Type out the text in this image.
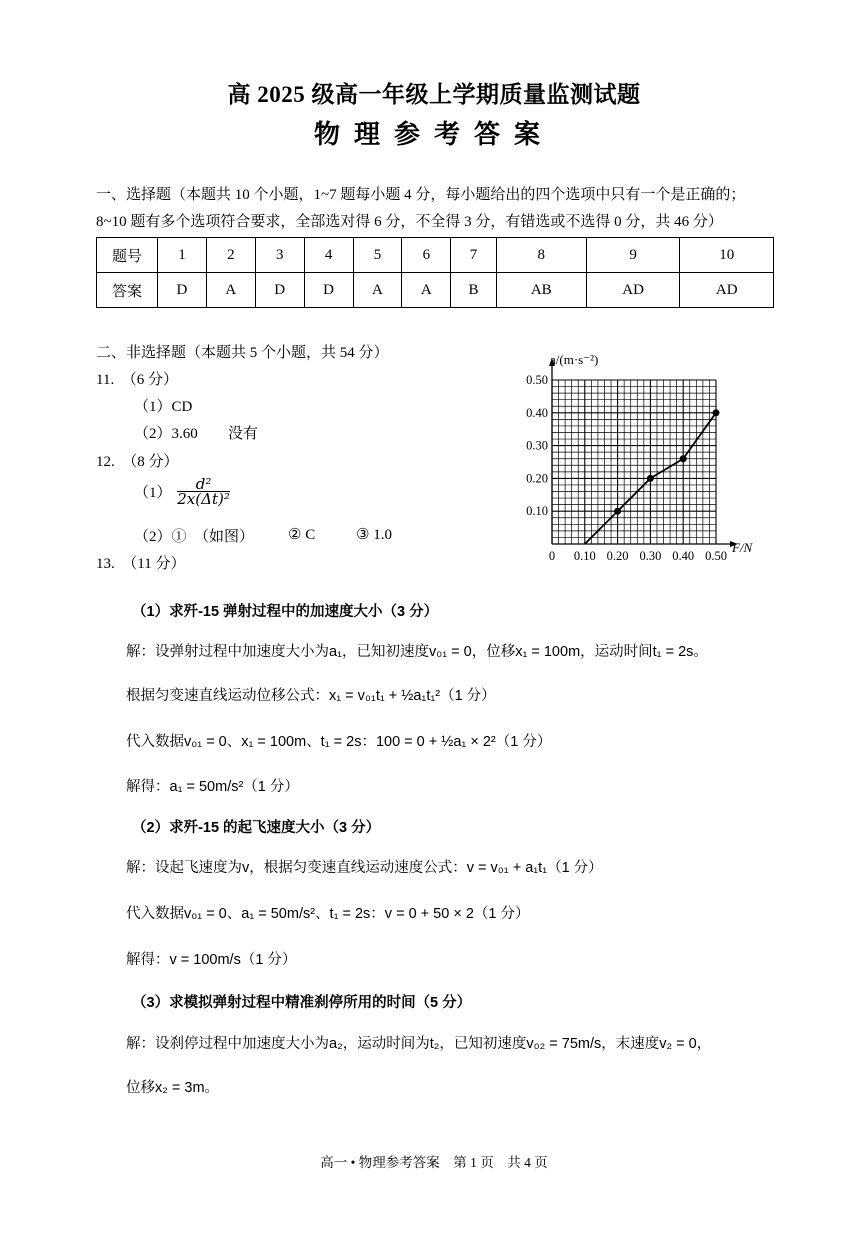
高 2025 级高一年级上学期质量监测试题
物理参考答案
一、选择题（本题共 10 个小题，1~7 题每小题 4 分，每小题给出的四个选项中只有一个是正确的；
8~10 题有多个选项符合要求，全部选对得 6 分，不全得 3 分，有错选或不选得 0 分，共 46 分）
题号	1	2	3	4	5	6	7	8	9	10
答案	D	A	D	D	A	A	B	AB	AD	AD
二、非选择题（本题共 5 个小题，共 54 分）
11.　（6 分）
（1）CD
（2）3.60 没有
12.　（8 分）
$(1) \frac{\text{d²}}{\text{2x(Δt)²}}$
（2）①　（如图） ② C	③ 1.0
13.　（11 分）	0 0.10 0.20 0.30 0.40 0.50
0.10
0.20
0.30
0.40
0.50
a/(m·s⁻²)
F/N
（1）求歼-15 弹射过程中的加速度大小（3 分）
解：设弹射过程中加速度大小为a₁，已知初速度v₀₁ = 0，位移x₁ = 100m，运动时间t₁ = 2s。
根据匀变速直线运动位移公式：x₁ = v₀₁t₁ + ½a₁t₁²（1 分）
代入数据v₀₁ = 0、x₁ = 100m、t₁ = 2s：100 = 0 + ½a₁ × 2²（1 分）
解得：a₁ = 50m/s²（1 分）
（2）求歼-15 的起飞速度大小（3 分）
解：设起飞速度为v，根据匀变速直线运动速度公式：v = v₀₁ + a₁t₁（1 分）
代入数据v₀₁ = 0、a₁ = 50m/s²、t₁ = 2s：v = 0 + 50 × 2（1 分）
解得：v = 100m/s（1 分）
（3）求模拟弹射过程中精准刹停所用的时间（5 分）
解：设刹停过程中加速度大小为a₂，运动时间为t₂，已知初速度v₀₂ = 75m/s，末速度v₂ = 0，
位移x₂ = 3m。
高一 • 物理参考答案　第 1 页　共 4 页
